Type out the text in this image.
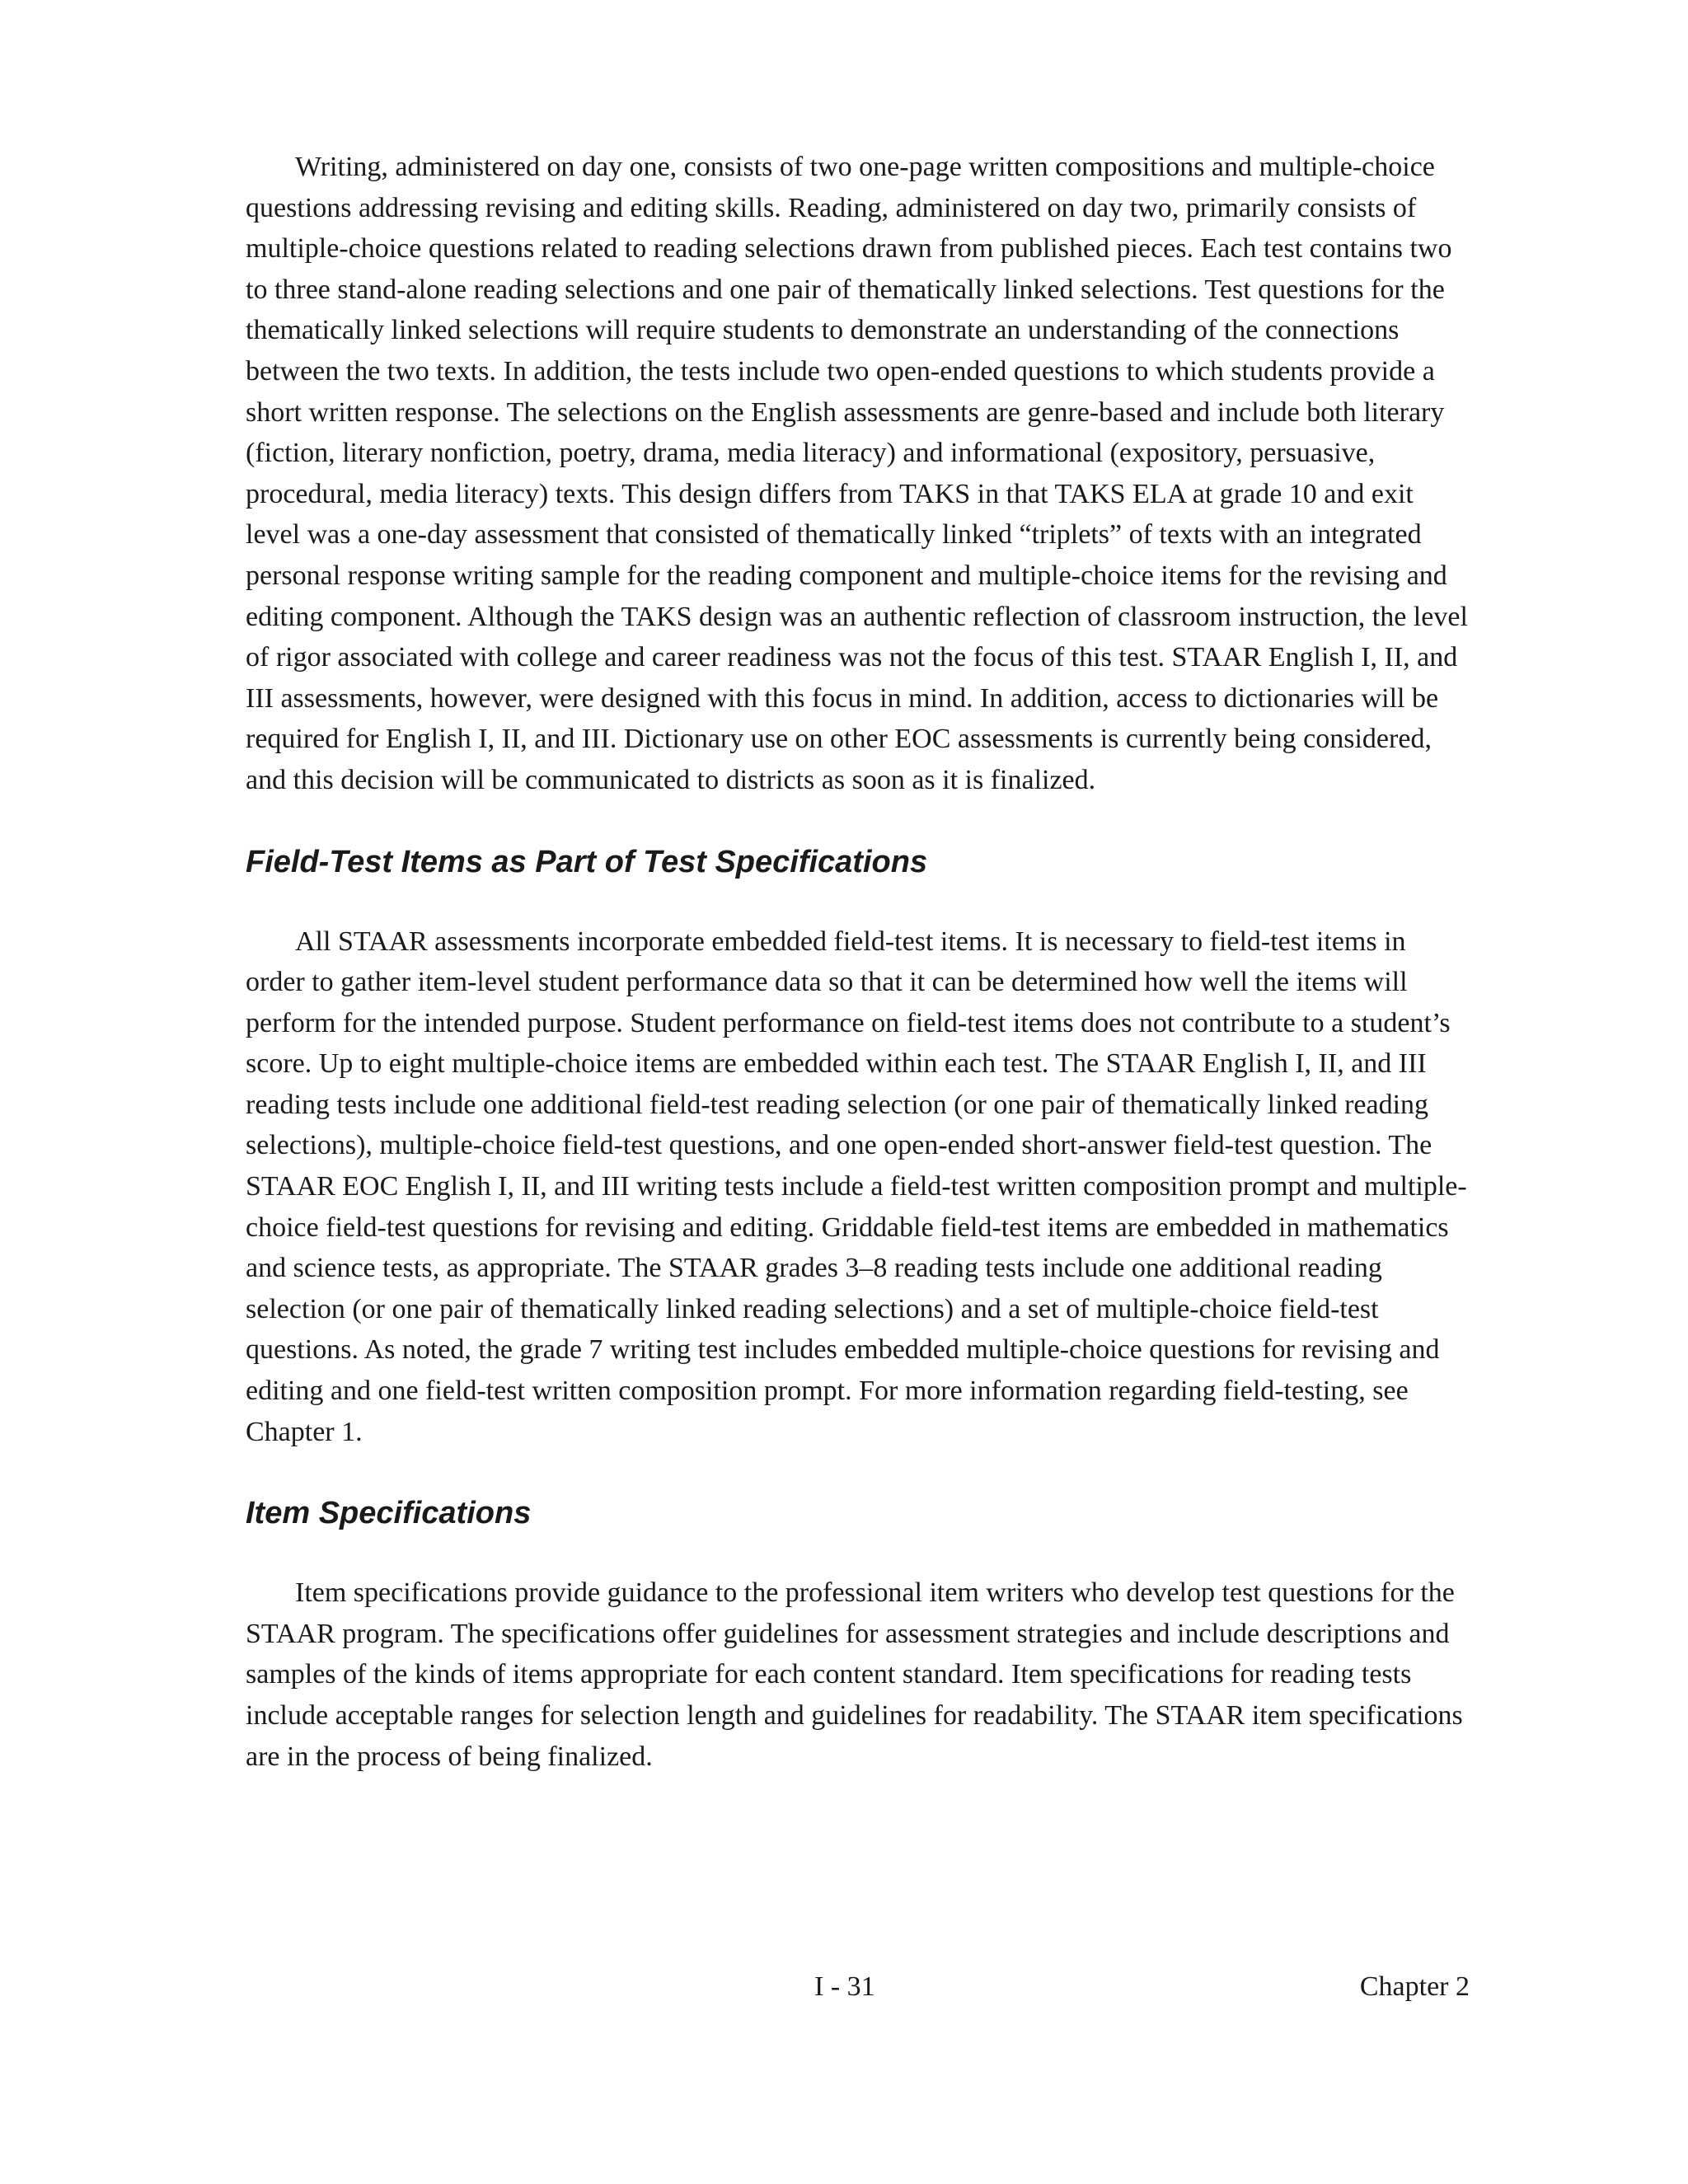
Writing, administered on day one, consists of two one-page written compositions and multiple-choice questions addressing revising and editing skills. Reading, administered on day two, primarily consists of multiple-choice questions related to reading selections drawn from published pieces. Each test contains two to three stand-alone reading selections and one pair of thematically linked selections. Test questions for the thematically linked selections will require students to demonstrate an understanding of the connections between the two texts. In addition, the tests include two open-ended questions to which students provide a short written response. The selections on the English assessments are genre-based and include both literary (fiction, literary nonfiction, poetry, drama, media literacy) and informational (expository, persuasive, procedural, media literacy) texts. This design differs from TAKS in that TAKS ELA at grade 10 and exit level was a one-day assessment that consisted of thematically linked “triplets” of texts with an integrated personal response writing sample for the reading component and multiple-choice items for the revising and editing component. Although the TAKS design was an authentic reflection of classroom instruction, the level of rigor associated with college and career readiness was not the focus of this test. STAAR English I, II, and III assessments, however, were designed with this focus in mind. In addition, access to dictionaries will be required for English I, II, and III. Dictionary use on other EOC assessments is currently being considered, and this decision will be communicated to districts as soon as it is finalized.

Field-Test Items as Part of Test Specifications

All STAAR assessments incorporate embedded field-test items. It is necessary to field-test items in order to gather item-level student performance data so that it can be determined how well the items will perform for the intended purpose. Student performance on field-test items does not contribute to a student’s score. Up to eight multiple-choice items are embedded within each test. The STAAR English I, II, and III reading tests include one additional field-test reading selection (or one pair of thematically linked reading selections), multiple-choice field-test questions, and one open-ended short-answer field-test question. The STAAR EOC English I, II, and III writing tests include a field-test written composition prompt and multiple-choice field-test questions for revising and editing. Griddable field-test items are embedded in mathematics and science tests, as appropriate. The STAAR grades 3–8 reading tests include one additional reading selection (or one pair of thematically linked reading selections) and a set of multiple-choice field-test questions. As noted, the grade 7 writing test includes embedded multiple-choice questions for revising and editing and one field-test written composition prompt. For more information regarding field-testing, see Chapter 1.

Item Specifications

Item specifications provide guidance to the professional item writers who develop test questions for the STAAR program. The specifications offer guidelines for assessment strategies and include descriptions and samples of the kinds of items appropriate for each content standard. Item specifications for reading tests include acceptable ranges for selection length and guidelines for readability. The STAAR item specifications are in the process of being finalized.

I - 31	Chapter 2
